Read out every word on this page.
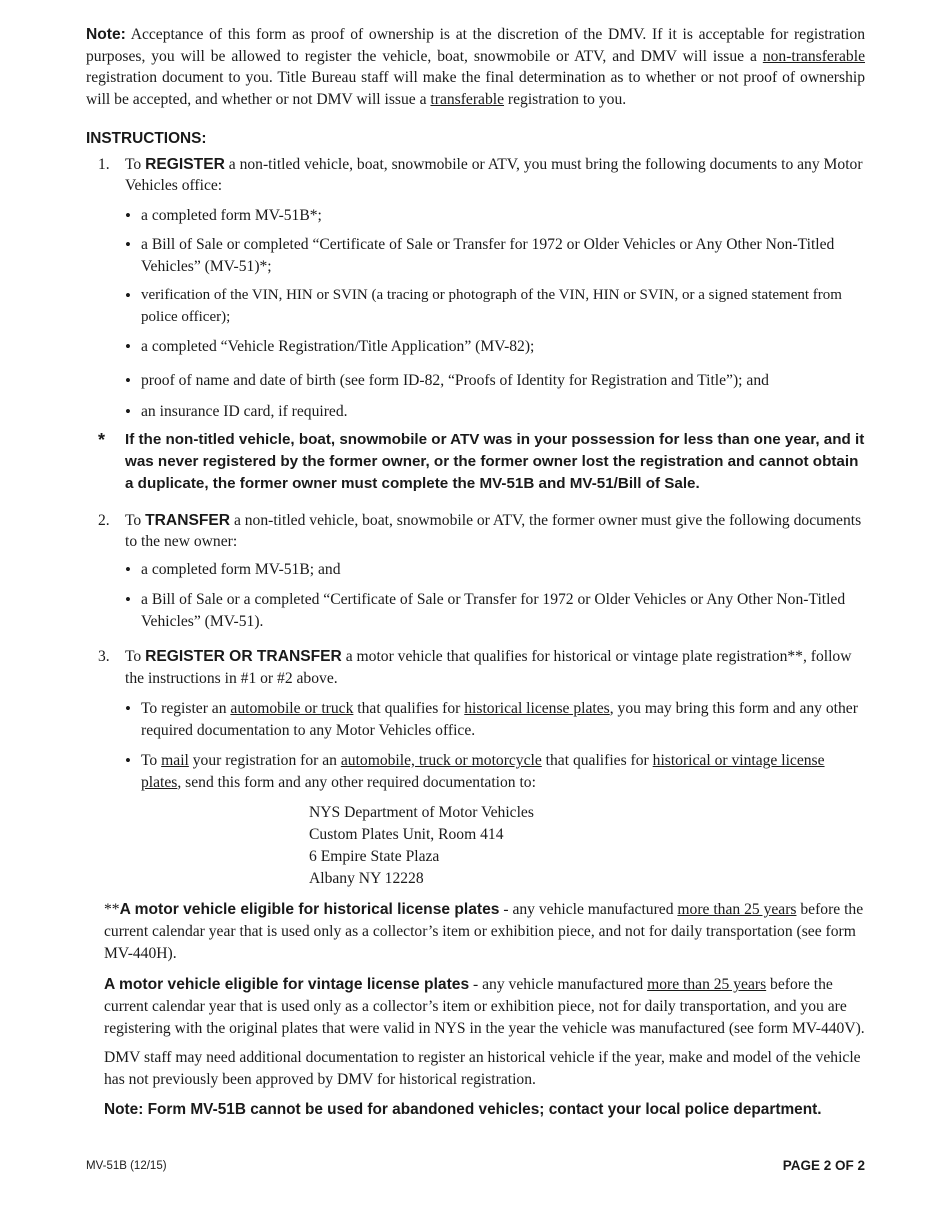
Note: Acceptance of this form as proof of ownership is at the discretion of the DMV. If it is acceptable for registration purposes, you will be allowed to register the vehicle, boat, snowmobile or ATV, and DMV will issue a non-transferable registration document to you. Title Bureau staff will make the final determination as to whether or not proof of ownership will be accepted, and whether or not DMV will issue a transferable registration to you.
INSTRUCTIONS:
1. To REGISTER a non-titled vehicle, boat, snowmobile or ATV, you must bring the following documents to any Motor Vehicles office:
• a completed form MV-51B*;
• a Bill of Sale or completed “Certificate of Sale or Transfer for 1972 or Older Vehicles or Any Other Non-Titled Vehicles” (MV-51)*;
• verification of the VIN, HIN or SVIN (a tracing or photograph of the VIN, HIN or SVIN, or a signed statement from police officer);
• a completed “Vehicle Registration/Title Application” (MV-82);
• proof of name and date of birth (see form ID-82, “Proofs of Identity for Registration and Title”); and
• an insurance ID card, if required.
* If the non-titled vehicle, boat, snowmobile or ATV was in your possession for less than one year, and it was never registered by the former owner, or the former owner lost the registration and cannot obtain a duplicate, the former owner must complete the MV-51B and MV-51/Bill of Sale.
2. To TRANSFER a non-titled vehicle, boat, snowmobile or ATV, the former owner must give the following documents to the new owner:
• a completed form MV-51B; and
• a Bill of Sale or a completed “Certificate of Sale or Transfer for 1972 or Older Vehicles or Any Other Non-Titled Vehicles” (MV-51).
3. To REGISTER OR TRANSFER a motor vehicle that qualifies for historical or vintage plate registration**, follow the instructions in #1 or #2 above.
• To register an automobile or truck that qualifies for historical license plates, you may bring this form and any other required documentation to any Motor Vehicles office.
• To mail your registration for an automobile, truck or motorcycle that qualifies for historical or vintage license plates, send this form and any other required documentation to:
NYS Department of Motor Vehicles
Custom Plates Unit, Room 414
6 Empire State Plaza
Albany NY 12228
**A motor vehicle eligible for historical license plates - any vehicle manufactured more than 25 years before the current calendar year that is used only as a collector’s item or exhibition piece, and not for daily transportation (see form MV-440H).
A motor vehicle eligible for vintage license plates - any vehicle manufactured more than 25 years before the current calendar year that is used only as a collector’s item or exhibition piece, not for daily transportation, and you are registering with the original plates that were valid in NYS in the year the vehicle was manufactured (see form MV-440V).
DMV staff may need additional documentation to register an historical vehicle if the year, make and model of the vehicle has not previously been approved by DMV for historical registration.
Note: Form MV-51B cannot be used for abandoned vehicles; contact your local police department.
MV-51B (12/15)	PAGE 2 OF 2
